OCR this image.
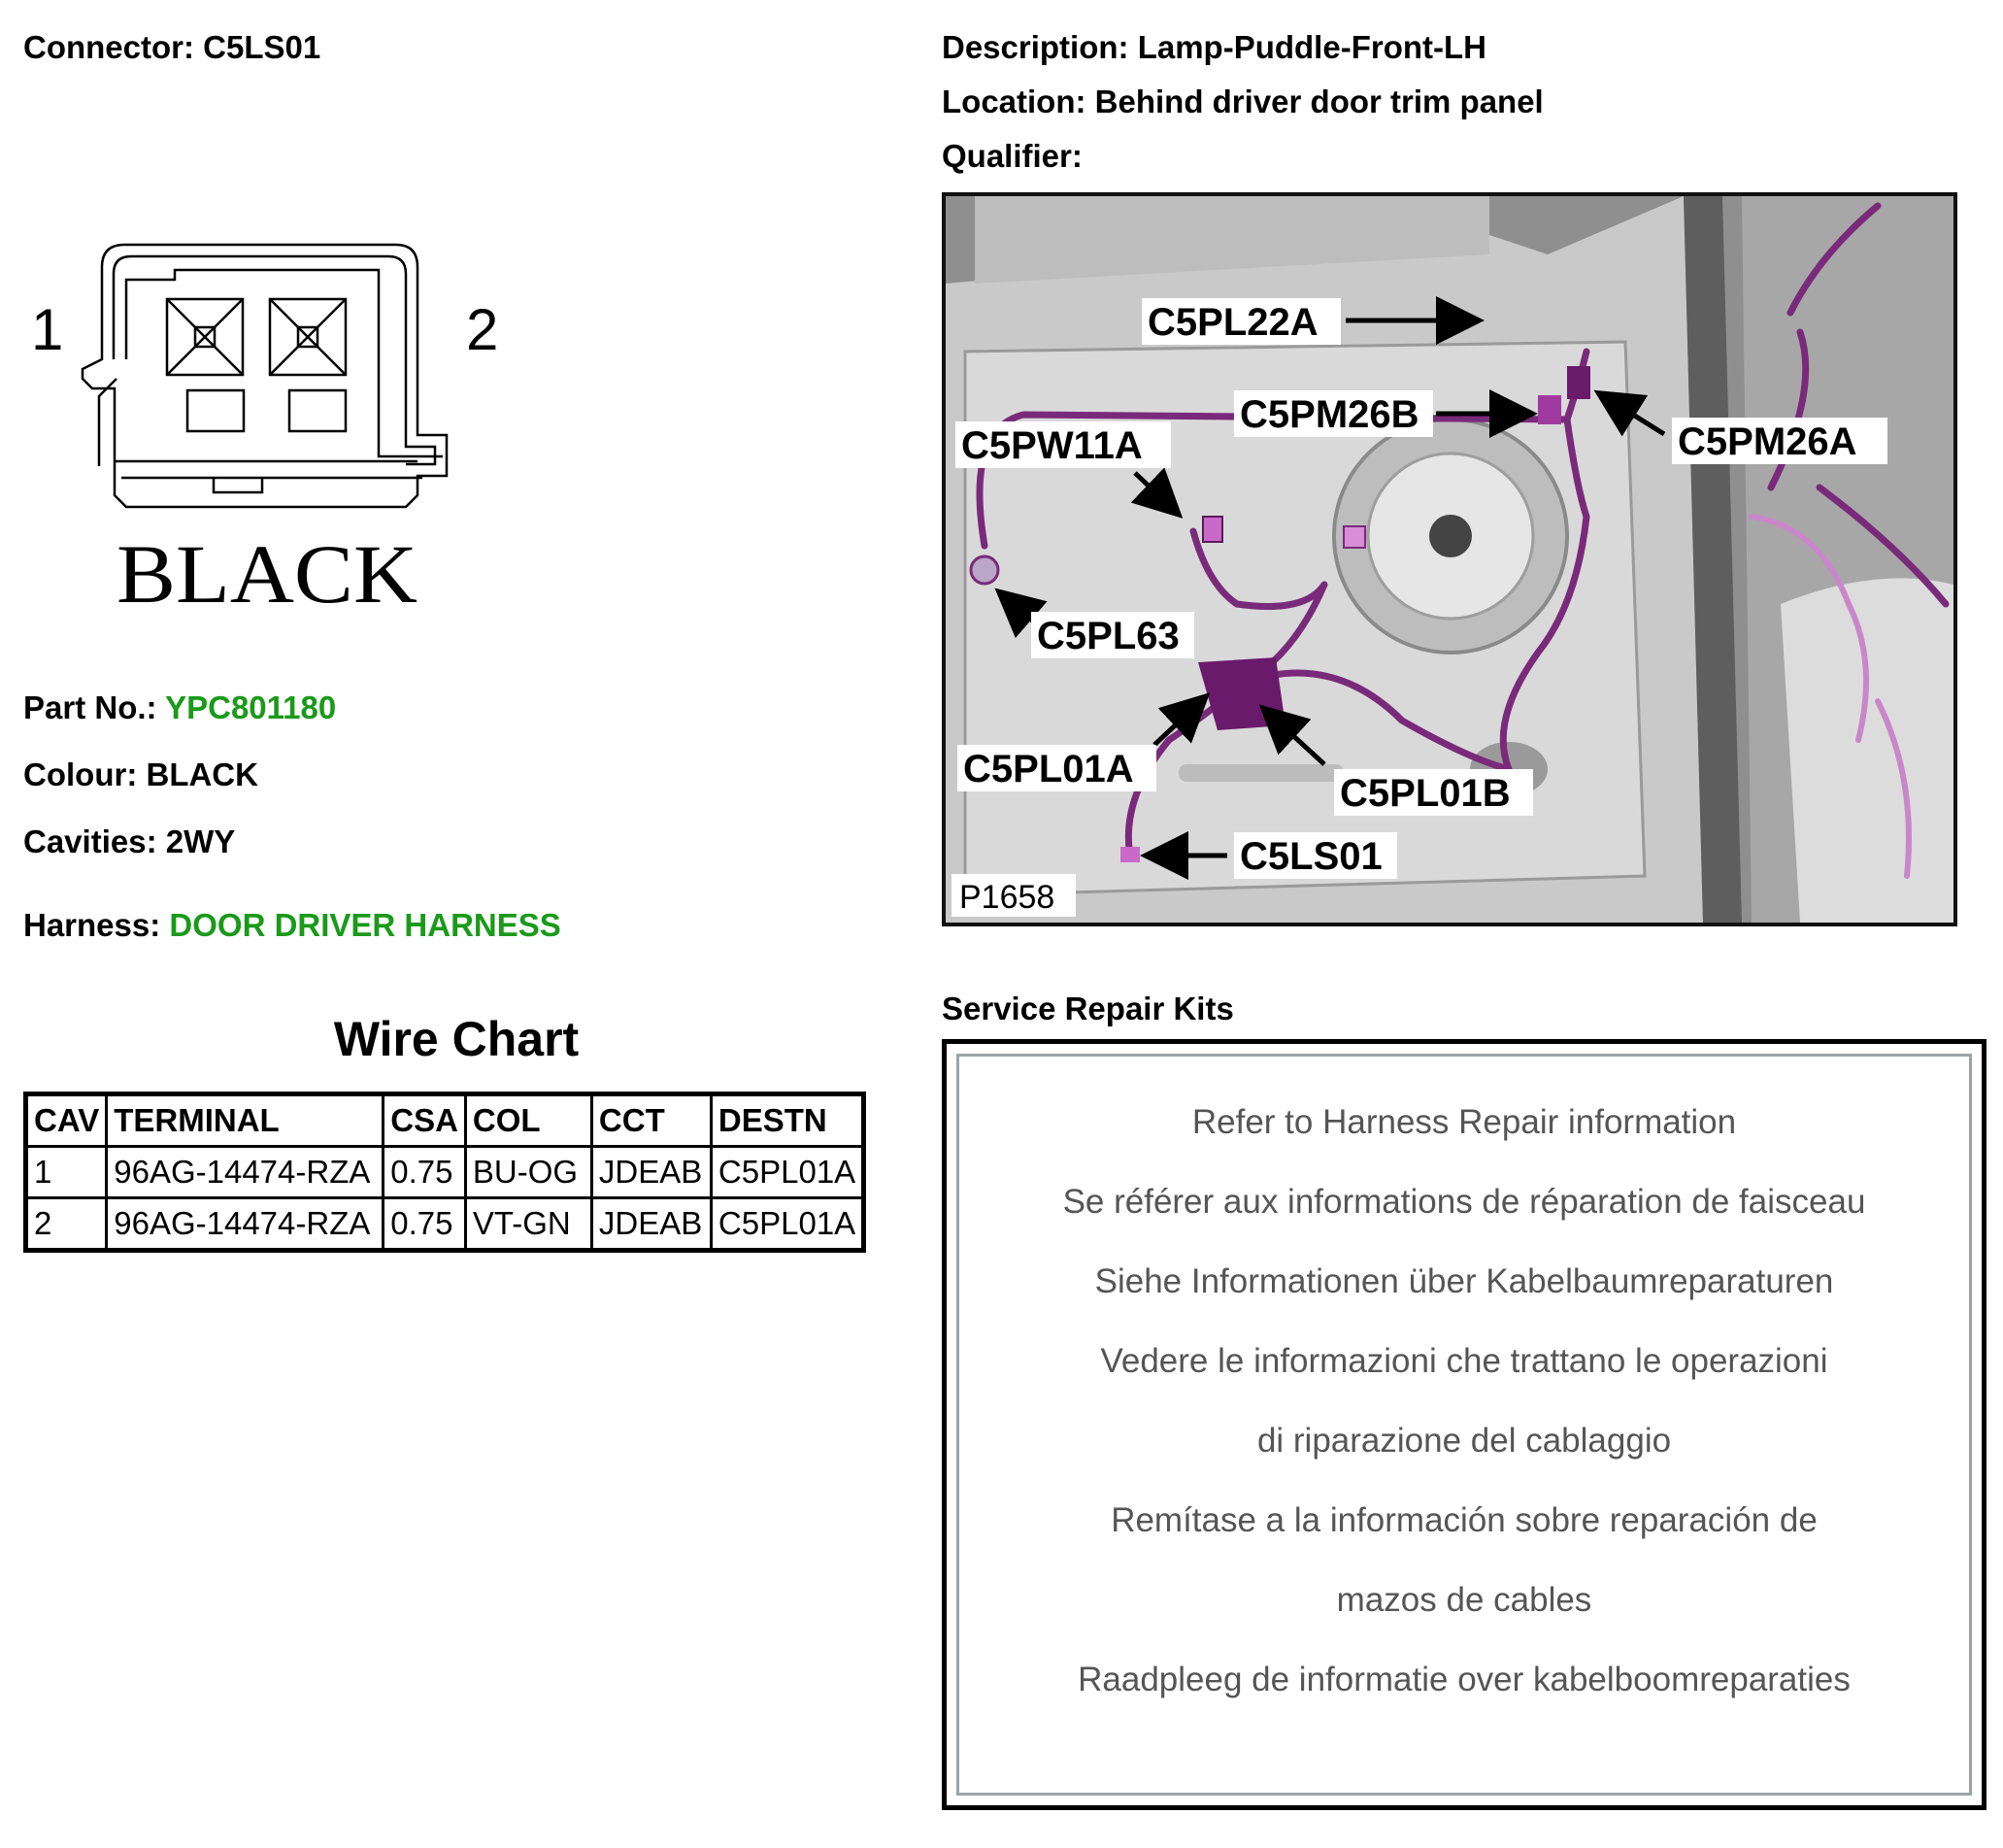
Connector: C5LS01	Description: Lamp-Puddle-Front-LH
Location: Behind driver door trim panel
Qualifier:
1	2
BLACK
Part No.: YPC801180
Colour: BLACK
Cavities: 2WY
Harness: DOOR DRIVER HARNESS
Wire Chart
CAV	TERMINAL	CSA	COL	CCT	DESTN
1	96AG-14474-RZA	0.75	BU-OG	JDEAB	C5PL01A
2	96AG-14474-RZA	0.75	VT-GN	JDEAB	C5PL01A
C5PL22A
C5PM26B
C5PM26A
C5PW11A
C5PL63
C5PL01A
C5PL01B
C5LS01
P1658
Service Repair Kits
Refer to Harness Repair information
Se référer aux informations de réparation de faisceau
Siehe Informationen über Kabelbaumreparaturen
Vedere le informazioni che trattano le operazioni
di riparazione del cablaggio
Remítase a la información sobre reparación de
mazos de cables
Raadpleeg de informatie over kabelboomreparaties
